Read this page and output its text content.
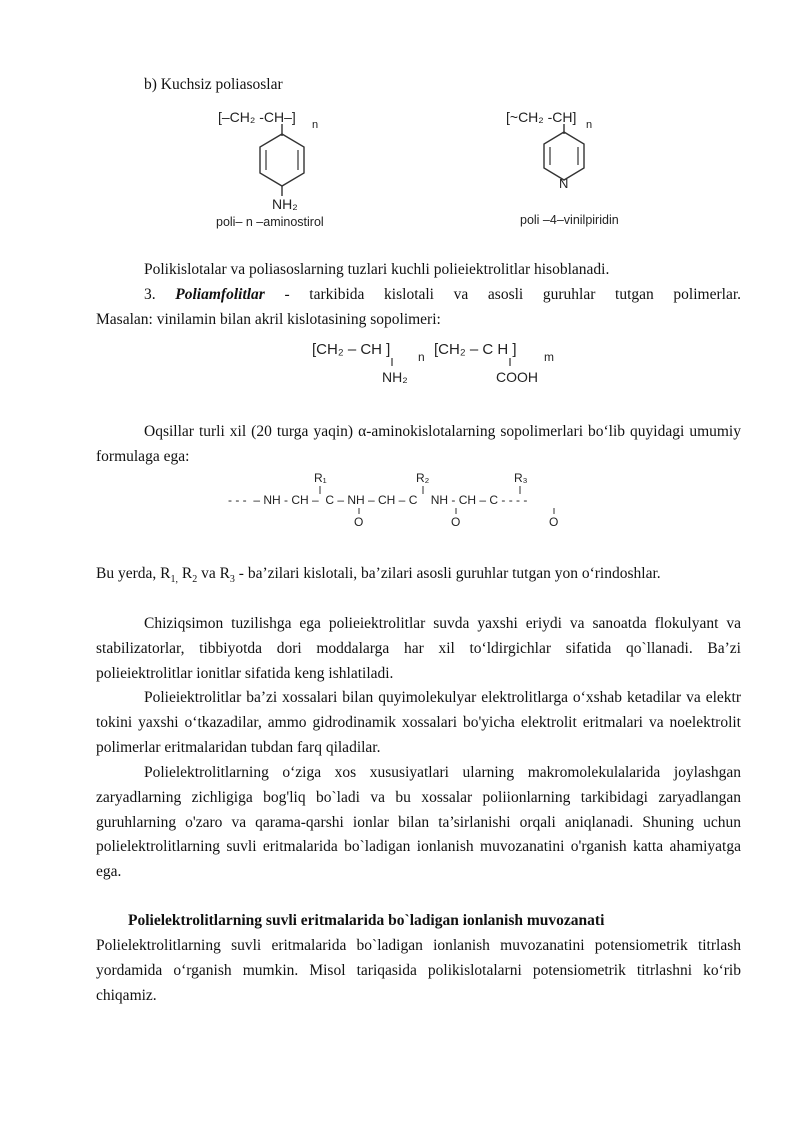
b) Kuchsiz poliasoslar
[–CH₂ -CH–] n
NH₂
poli– n –aminostirol
[~CH₂ -CH] n
N
poli –4–vinilpiridin
Polikislotalar va poliasoslarning tuzlari kuchli polieiektrolitlar hisoblanadi.
3. Poliamfolitlar - tarkibida kislotali va asosli guruhlar tutgan polimerlar.
Masalan: vinilamin bilan akril kislotasining sopolimeri:
[CH₂ – CH ] n [CH₂ – C H ] m
NH₂	COOH
Oqsillar turli xil (20 turga yaqin) α-aminokislotalarning sopolimerlari bo‘lib quyidagi umumiy formulaga ega:
R₁	R₂	R₃
- - -  – NH - CH –  C – NH – CH – C    NH - CH – C - - - -
O	O	O
Bu yerda, $R_{1,}$ $R_2$ va $R_3$ - ba’zilari kislotali, ba’zilari asosli guruhlar tutgan yon o‘rindoshlar.
Chiziqsimon tuzilishga ega polieiektrolitlar suvda yaxshi eriydi va sanoatda flokulyant va stabilizatorlar, tibbiyotda dori moddalarga har xil to‘ldirgichlar sifatida qo`llanadi. Ba’zi polieiektrolitlar ionitlar sifatida keng ishlatiladi.
Polieiektrolitlar ba’zi xossalari bilan quyimolekulyar elektrolitlarga o‘xshab ketadilar va elektr tokini yaxshi o‘tkazadilar, ammo gidrodinamik xossalari bo'yicha elektrolit eritmalari va noelektrolit polimerlar eritmalaridan tubdan farq qiladilar.
Polielektrolitlarning o‘ziga xos xususiyatlari ularning makromolekulalarida joylashgan zaryadlarning zichligiga bog'liq bo`ladi va bu xossalar poliionlarning tarkibidagi zaryadlangan guruhlarning o'zaro va qarama-qarshi ionlar bilan ta’sirlanishi orqali aniqlanadi. Shuning uchun polielektrolitlarning suvli eritmalarida bo`ladigan ionlanish muvozanatini o'rganish katta ahamiyatga ega.
Polielektrolitlarning suvli eritmalarida bo`ladigan ionlanish muvozanati
Polielektrolitlarning suvli eritmalarida bo`ladigan ionlanish muvozanatini potensiometrik titrlash yordamida o‘rganish mumkin. Misol tariqasida polikislotalarni potensiometrik titrlashni ko‘rib chiqamiz.
